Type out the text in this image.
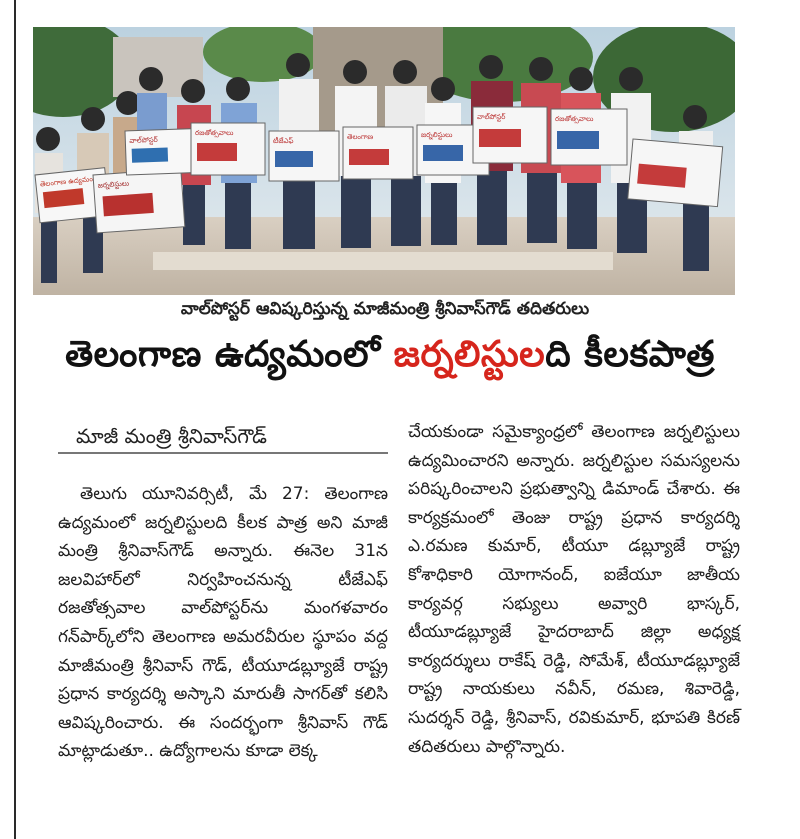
తెలంగాణ ఉద్యమం జర్నలిస్టులు
వాల్‌పోస్టర్
రజతోత్సవాలు
టీజేఎఫ్	తెలంగాణ	జర్నలిస్టులు
వాల్‌పోస్టర్	రజతోత్సవాలు
వాల్‌పోస్టర్ ఆవిష్కరిస్తున్న మాజీమంత్రి శ్రీనివాస్‌గౌడ్ తదితరులు
తెలంగాణ ఉద్యమంలో జర్నలిస్టులది కీలకపాత్ర
మాజీ మంత్రి శ్రీనివాస్‌గౌడ్

తెలుగు యూనివర్సిటీ, మే 27: తెలంగాణ ఉద్యమంలో జర్నలిస్టులది కీలక పాత్ర అని మాజీ మంత్రి శ్రీనివాస్‌గౌడ్ అన్నారు. ఈనెల 31న జలవిహార్‌లో నిర్వహించనున్న టీజేఎఫ్ రజతోత్సవాల వాల్‌పోస్టర్‌ను మంగళవారం గన్‌పార్క్‌లోని తెలంగాణ అమరవీరుల స్థూపం వద్ద మాజీమంత్రి శ్రీనివాస్ గౌడ్, టీయూడబ్ల్యూజే రాష్ట్ర ప్రధాన కార్యదర్శి అస్కాని మారుతీ సాగర్‌తో కలిసి ఆవిష్కరించారు. ఈ సందర్భంగా శ్రీనివాస్ గౌడ్ మాట్లాడుతూ.. ఉద్యోగాలను కూడా లెక్క

చేయకుండా సమైక్యాంధ్రలో తెలంగాణ జర్నలిస్టులు ఉద్యమించారని అన్నారు. జర్నలిస్టుల సమస్యలను పరిష్కరించాలని ప్రభుత్వాన్ని డిమాండ్ చేశారు. ఈ కార్యక్రమంలో తెంజు రాష్ట్ర ప్రధాన కార్యదర్శి ఎ.రమణ కుమార్, టీయూ డబ్ల్యూజే రాష్ట్ర కోశాధికారి యోగానంద్, ఐజేయూ జాతీయ కార్యవర్గ సభ్యులు అవ్వారి భాస్కర్, టీయూడబ్ల్యూజే హైదరాబాద్ జిల్లా అధ్యక్ష కార్యదర్శులు రాకేష్ రెడ్డి, సోమేశ్, టీయూడబ్ల్యూజే రాష్ట్ర నాయకులు నవీన్, రమణ, శివారెడ్డి, సుదర్శన్ రెడ్డి, శ్రీనివాస్, రవికుమార్, భూపతి కిరణ్ తదితరులు పాల్గొన్నారు.
